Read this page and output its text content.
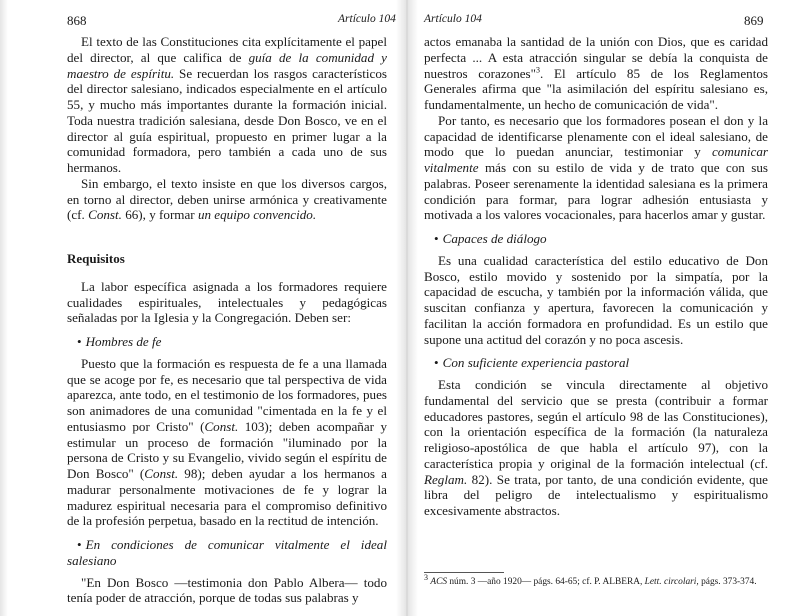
868	Artículo 104

El texto de las Constituciones cita explícitamente el papel del director, al que califica de guía de la comunidad y maestro de espíritu. Se recuerdan los rasgos característicos del director salesiano, indicados especialmente en el artículo 55, y mucho más importantes durante la formación inicial. Toda nuestra tradición salesiana, desde Don Bosco, ve en el director al guía espiritual, propuesto en primer lugar a la comunidad formadora, pero también a cada uno de sus hermanos.

Sin embargo, el texto insiste en que los diversos cargos, en torno al director, deben unirse armónica y creativamente (cf. Const. 66), y formar un equipo convencido.

Requisitos

La labor específica asignada a los formadores requiere cualidades espirituales, intelectuales y pedagógicas señaladas por la Iglesia y la Congregación. Deben ser:

• Hombres de fe

Puesto que la formación es respuesta de fe a una llamada que se acoge por fe, es necesario que tal perspectiva de vida aparezca, ante todo, en el testimonio de los formadores, pues son animadores de una comunidad "cimentada en la fe y el entusiasmo por Cristo" (Const. 103); deben acompañar y estimular un proceso de formación "iluminado por la persona de Cristo y su Evangelio, vivido según el espíritu de Don Bosco" (Const. 98); deben ayudar a los hermanos a madurar personalmente motivaciones de fe y lograr la madurez espiritual necesaria para el compromiso definitivo de la profesión perpetua, basado en la rectitud de intención.

• En condiciones de comunicar vitalmente el ideal salesiano

"En Don Bosco —testimonia don Pablo Albera— todo tenía poder de atracción, porque de todas sus palabras y

Artículo 104	869

actos emanaba la santidad de la unión con Dios, que es caridad perfecta ... A esta atracción singular se debía la conquista de nuestros corazones"$^3$. El artículo 85 de los Reglamentos Generales afirma que "la asimilación del espíritu salesiano es, fundamentalmente, un hecho de comunicación de vida".

Por tanto, es necesario que los formadores posean el don y la capacidad de identificarse plenamente con el ideal salesiano, de modo que lo puedan anunciar, testimoniar y comunicar vitalmente más con su estilo de vida y de trato que con sus palabras. Poseer serenamente la identidad salesiana es la primera condición para formar, para lograr adhesión entusiasta y motivada a los valores vocacionales, para hacerlos amar y gustar.

• Capaces de diálogo

Es una cualidad característica del estilo educativo de Don Bosco, estilo movido y sostenido por la simpatía, por la capacidad de escucha, y también por la información válida, que suscitan confianza y apertura, favorecen la comunicación y facilitan la acción formadora en profundidad. Es un estilo que supone una actitud del corazón y no poca ascesis.

• Con suficiente experiencia pastoral

Esta condición se vincula directamente al objetivo fundamental del servicio que se presta (contribuir a formar educadores pastores, según el artículo 98 de las Constituciones), con la orientación específica de la formación (la naturaleza religioso-apostólica de que habla el artículo 97), con la característica propia y original de la formación intelectual (cf. Reglam. 82). Se trata, por tanto, de una condición evidente, que libra del peligro de intelectualismo y espiritualismo excesivamente abstractos.

$^3$ ACS núm. 3 —año 1920— págs. 64-65; cf. P. ALBERA, Lett. circolari, págs. 373-374.
